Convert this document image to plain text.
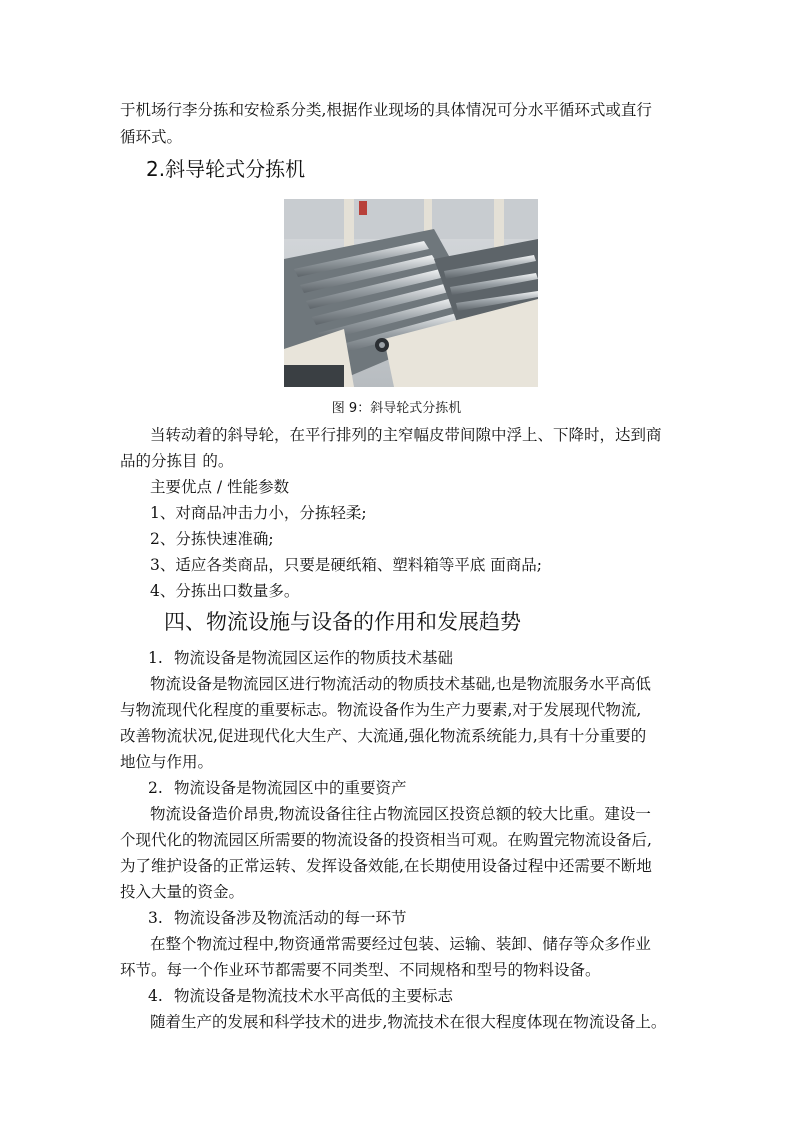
于机场行李分拣和安检系分类,根据作业现场的具体情况可分水平循环式或直行
循环式。
2.斜导轮式分拣机
图 9：斜导轮式分拣机
当转动着的斜导轮，在平行排列的主窄幅皮带间隙中浮上、下降时，达到商
品的分拣目 的。
主要优点 / 性能参数
1、对商品冲击力小，分拣轻柔;
2、分拣快速准确;
3、适应各类商品，只要是硬纸箱、塑料箱等平底 面商品;
4、分拣出口数量多。
四、物流设施与设备的作用和发展趋势
1. 物流设备是物流园区运作的物质技术基础
物流设备是物流园区进行物流活动的物质技术基础,也是物流服务水平高低
与物流现代化程度的重要标志。物流设备作为生产力要素,对于发展现代物流,
改善物流状况,促进现代化大生产、大流通,强化物流系统能力,具有十分重要的
地位与作用。
2. 物流设备是物流园区中的重要资产
物流设备造价昂贵,物流设备往往占物流园区投资总额的较大比重。建设一
个现代化的物流园区所需要的物流设备的投资相当可观。在购置完物流设备后,
为了维护设备的正常运转、发挥设备效能,在长期使用设备过程中还需要不断地
投入大量的资金。
3. 物流设备涉及物流活动的每一环节
在整个物流过程中,物资通常需要经过包装、运输、装卸、储存等众多作业
环节。每一个作业环节都需要不同类型、不同规格和型号的物料设备。
4. 物流设备是物流技术水平高低的主要标志
随着生产的发展和科学技术的进步,物流技术在很大程度体现在物流设备上。
